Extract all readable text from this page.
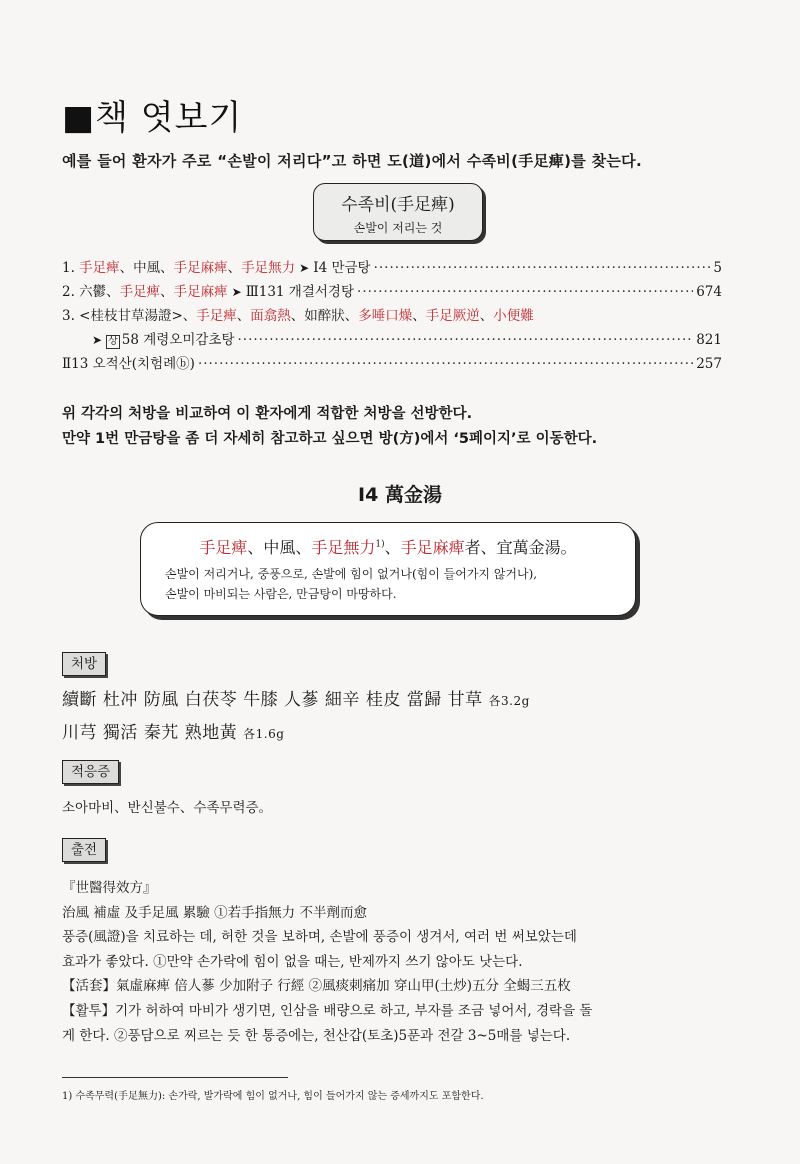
■책 엿보기
예를 들어 환자가 주로 “손발이 저리다”고 하면 도(道)에서 수족비(手足痺)를 찾는다.
수족비(手足痺)
손발이 저리는 것
1. 手足痺、中風、手足麻痺、手足無力 ➤ Ⅰ4 만금탕 ·····	5
2. 六鬱、手足痺、手足麻痺 ➤ Ⅲ131 개결서경탕 ·····	674
3. <桂枝甘草湯證>、手足痺、面翕熱、如醉狀、多唾口燥、手足厥逆、小便難
➤ 상 58 계령오미감초탕 ·····	821
Ⅱ13 오적산(치험례ⓑ) ·····	257
위 각각의 처방을 비교하여 이 환자에게 적합한 처방을 선방한다.
만약 1번 만금탕을 좀 더 자세히 참고하고 싶으면 방(方)에서 ‘5페이지’로 이동한다.
Ⅰ4 萬金湯
手足痺、中風、手足無力$^{1)}$、手足麻痺者、宜萬金湯。
손발이 저리거나, 중풍으로, 손발에 힘이 없거나(힘이 들어가지 않거나),
손발이 마비되는 사람은, 만금탕이 마땅하다.
처방
續斷 杜冲 防風 白茯苓 牛膝 人蔘 細辛 桂皮 當歸 甘草 各3.2g
川芎 獨活 秦艽 熟地黃 各1.6g
적응증
소아마비、반신불수、수족무력증。
출전
『世醫得效方』
治風 補虛 及手足風 累驗 ①若手指無力 不半劑而愈
풍증(風證)을 치료하는 데, 허한 것을 보하며, 손발에 풍증이 생겨서, 여러 번 써보았는데
효과가 좋았다. ①만약 손가락에 힘이 없을 때는, 반제까지 쓰기 않아도 낫는다.
【活套】氣虛麻痺 倍人蔘 少加附子 行經 ②風痰刺痛加 穿山甲(土炒)五分 全蝎三五枚
【활투】기가 허하여 마비가 생기면, 인삼을 배량으로 하고, 부자를 조금 넣어서, 경락을 돌
게 한다. ②풍담으로 찌르는 듯 한 통증에는, 천산갑(토초)5푼과 전갈 3~5매를 넣는다.
1) 수족무력(手足無力): 손가락, 발가락에 힘이 없거나, 힘이 들어가지 않는 증세까지도 포함한다.
